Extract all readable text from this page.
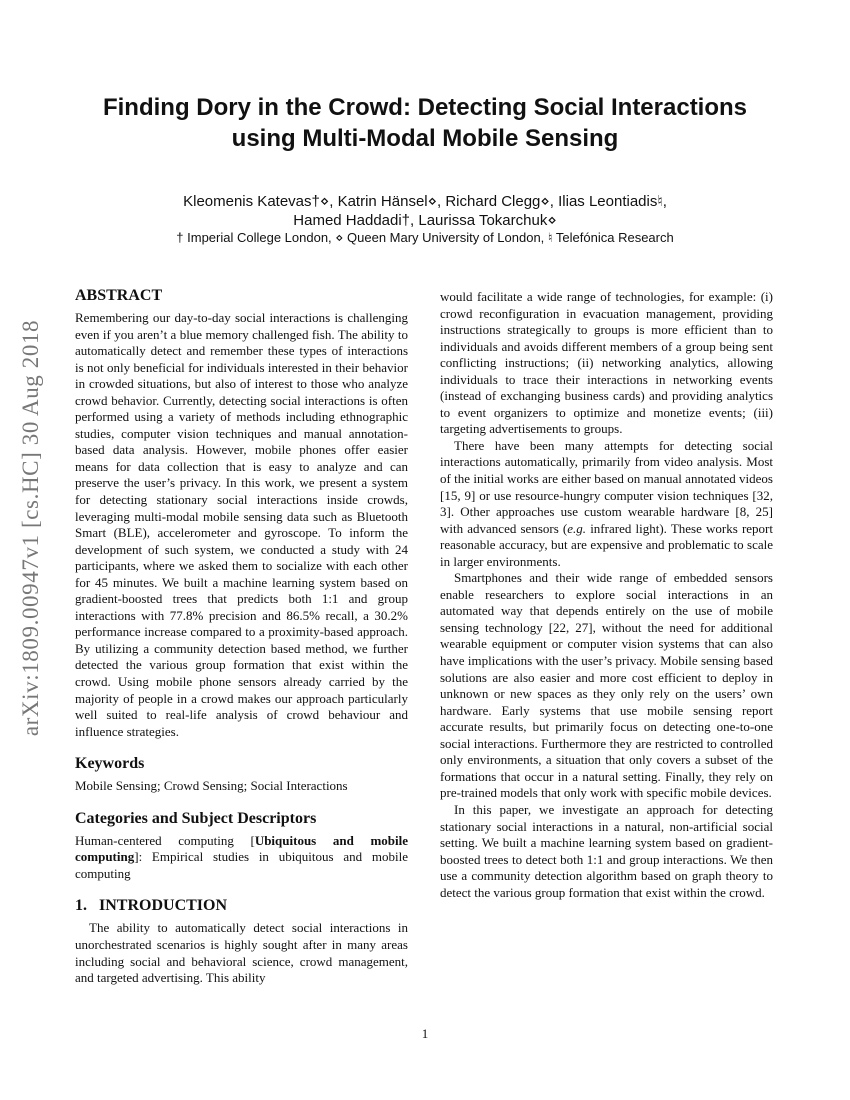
Finding Dory in the Crowd: Detecting Social Interactions
using Multi-Modal Mobile Sensing
Kleomenis Katevas†⋄, Katrin Hänsel⋄, Richard Clegg⋄, Ilias Leontiadis♮,
Hamed Haddadi†, Laurissa Tokarchuk⋄
† Imperial College London, ⋄ Queen Mary University of London, ♮ Telefónica Research
arXiv:1809.00947v1 [cs.HC] 30 Aug 2018
ABSTRACT

Remembering our day-to-day social interactions is challenging even if you aren’t a blue memory challenged fish. The ability to automatically detect and remember these types of interactions is not only beneficial for individuals interested in their behavior in crowded situations, but also of interest to those who analyze crowd behavior. Currently, detecting social interactions is often performed using a variety of methods including ethnographic studies, computer vision techniques and manual annotation-based data analysis. However, mobile phones offer easier means for data collection that is easy to analyze and can preserve the user’s privacy. In this work, we present a system for detecting stationary social interactions inside crowds, leveraging multi-modal mobile sensing data such as Bluetooth Smart (BLE), accelerometer and gyroscope. To inform the development of such system, we conducted a study with 24 participants, where we asked them to socialize with each other for 45 minutes. We built a machine learning system based on gradient-boosted trees that predicts both 1:1 and group interactions with 77.8% precision and 86.5% recall, a 30.2% performance increase compared to a proximity-based approach. By utilizing a community detection based method, we further detected the various group formation that exist within the crowd. Using mobile phone sensors already carried by the majority of people in a crowd makes our approach particularly well suited to real-life analysis of crowd behaviour and influence strategies.

Keywords

Mobile Sensing; Crowd Sensing; Social Interactions

Categories and Subject Descriptors

Human-centered computing [Ubiquitous and mobile computing]: Empirical studies in ubiquitous and mobile computing

1.   INTRODUCTION

The ability to automatically detect social interactions in unorchestrated scenarios is highly sought after in many areas including social and behavioral science, crowd management, and targeted advertising. This ability

would facilitate a wide range of technologies, for example: (i) crowd reconfiguration in evacuation management, providing instructions strategically to groups is more efficient than to individuals and avoids different members of a group being sent conflicting instructions; (ii) networking analytics, allowing individuals to trace their interactions in networking events (instead of exchanging business cards) and providing analytics to event organizers to optimize and monetize events; (iii) targeting advertisements to groups.

There have been many attempts for detecting social interactions automatically, primarily from video analysis. Most of the initial works are either based on manual annotated videos [15, 9] or use resource-hungry computer vision techniques [32, 3]. Other approaches use custom wearable hardware [8, 25] with advanced sensors (e.g. infrared light). These works report reasonable accuracy, but are expensive and problematic to scale in larger environments.

Smartphones and their wide range of embedded sensors enable researchers to explore social interactions in an automated way that depends entirely on the use of mobile sensing technology [22, 27], without the need for additional wearable equipment or computer vision systems that can also have implications with the user’s privacy. Mobile sensing based solutions are also easier and more cost efficient to deploy in unknown or new spaces as they only rely on the users’ own hardware. Early systems that use mobile sensing report accurate results, but primarily focus on detecting one-to-one social interactions. Furthermore they are restricted to controlled only environments, a situation that only covers a subset of the formations that occur in a natural setting. Finally, they rely on pre-trained models that only work with specific mobile devices.

In this paper, we investigate an approach for detecting stationary social interactions in a natural, non-artificial social setting. We built a machine learning system based on gradient-boosted trees to detect both 1:1 and group interactions. We then use a community detection algorithm based on graph theory to detect the various group formation that exist within the crowd.

1
